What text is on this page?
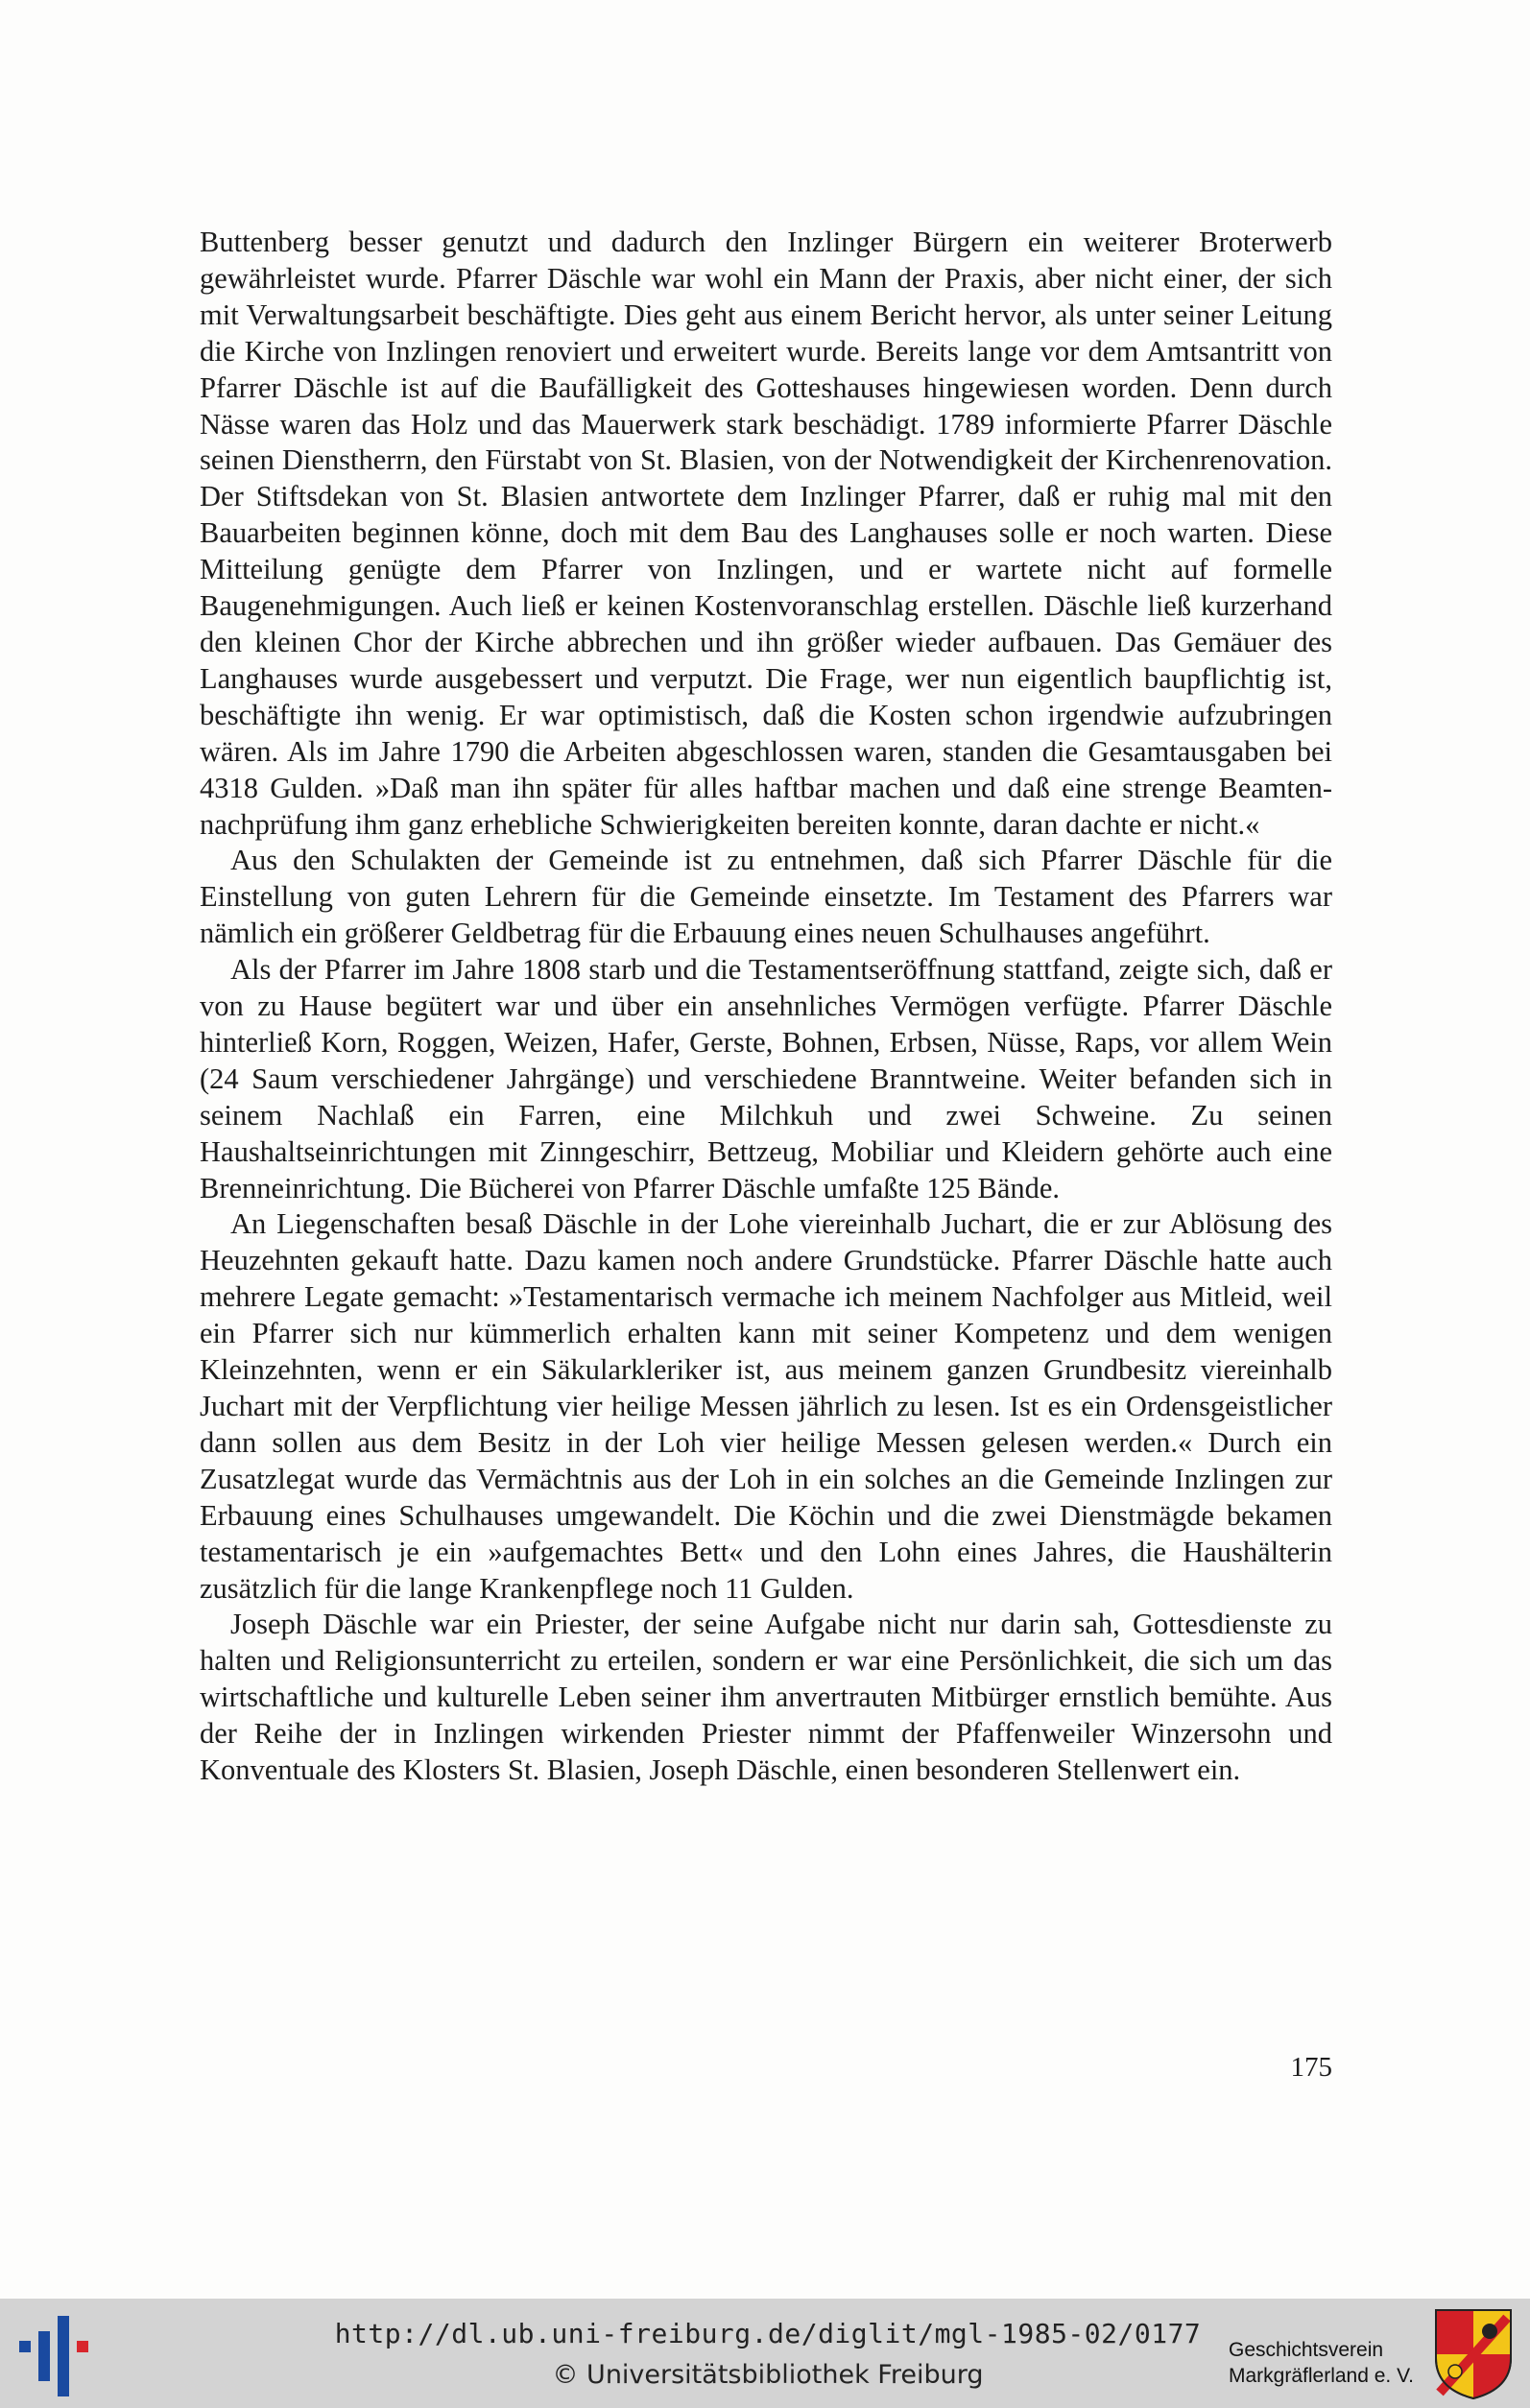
Buttenberg besser genutzt und dadurch den Inzlinger Bürgern ein weiterer Broterwerb gewährleistet wurde. Pfarrer Däschle war wohl ein Mann der Praxis, aber nicht einer, der sich mit Verwaltungsarbeit beschäftigte. Dies geht aus einem Bericht hervor, als unter seiner Leitung die Kirche von Inzlingen renoviert und erweitert wurde. Bereits lange vor dem Amtsantritt von Pfarrer Däschle ist auf die Baufälligkeit des Gotteshauses hingewiesen worden. Denn durch Nässe waren das Holz und das Mauerwerk stark beschädigt. 1789 informierte Pfarrer Däschle seinen Dienstherrn, den Fürstabt von St. Blasien, von der Notwendigkeit der Kirchenrenovation. Der Stiftsdekan von St. Blasien antwortete dem Inzlinger Pfarrer, daß er ruhig mal mit den Bauarbeiten beginnen könne, doch mit dem Bau des Langhauses solle er noch warten. Diese Mitteilung genügte dem Pfarrer von Inzlingen, und er wartete nicht auf formelle Baugenehmigungen. Auch ließ er keinen Kostenvoranschlag erstellen. Däschle ließ kurzerhand den kleinen Chor der Kirche abbrechen und ihn größer wieder aufbauen. Das Gemäuer des Langhauses wurde ausgebessert und verputzt. Die Frage, wer nun eigentlich baupflichtig ist, beschäftigte ihn wenig. Er war optimistisch, daß die Kosten schon irgendwie aufzubringen wären. Als im Jahre 1790 die Arbeiten abgeschlossen waren, standen die Gesamtausgaben bei 4318 Gulden. »Daß man ihn später für alles haftbar machen und daß eine strenge Beamtennachprüfung ihm ganz erhebliche Schwierigkeiten bereiten konnte, daran dachte er nicht.«

Aus den Schulakten der Gemeinde ist zu entnehmen, daß sich Pfarrer Däschle für die Einstellung von guten Lehrern für die Gemeinde einsetzte. Im Testament des Pfarrers war nämlich ein größerer Geldbetrag für die Erbauung eines neuen Schulhauses angeführt.

Als der Pfarrer im Jahre 1808 starb und die Testamentseröffnung stattfand, zeigte sich, daß er von zu Hause begütert war und über ein ansehnliches Vermögen verfügte. Pfarrer Däschle hinterließ Korn, Roggen, Weizen, Hafer, Gerste, Bohnen, Erbsen, Nüsse, Raps, vor allem Wein (24 Saum verschiedener Jahrgänge) und verschiedene Branntweine. Weiter befanden sich in seinem Nachlaß ein Farren, eine Milchkuh und zwei Schweine. Zu seinen Haushaltseinrichtungen mit Zinngeschirr, Bettzeug, Mobiliar und Kleidern gehörte auch eine Brenneinrichtung. Die Bücherei von Pfarrer Däschle umfaßte 125 Bände.

An Liegenschaften besaß Däschle in der Lohe viereinhalb Juchart, die er zur Ablösung des Heuzehnten gekauft hatte. Dazu kamen noch andere Grundstücke. Pfarrer Däschle hatte auch mehrere Legate gemacht: »Testamentarisch vermache ich meinem Nachfolger aus Mitleid, weil ein Pfarrer sich nur kümmerlich erhalten kann mit seiner Kompetenz und dem wenigen Kleinzehnten, wenn er ein Säkularkleriker ist, aus meinem ganzen Grundbesitz viereinhalb Juchart mit der Verpflichtung vier heilige Messen jährlich zu lesen. Ist es ein Ordensgeistlicher dann sollen aus dem Besitz in der Loh vier heilige Messen gelesen werden.« Durch ein Zusatzlegat wurde das Vermächtnis aus der Loh in ein solches an die Gemeinde Inzlingen zur Erbauung eines Schulhauses umgewandelt. Die Köchin und die zwei Dienstmägde bekamen testamentarisch je ein »aufgemachtes Bett« und den Lohn eines Jahres, die Haushälterin zusätzlich für die lange Krankenpflege noch 11 Gulden.

Joseph Däschle war ein Priester, der seine Aufgabe nicht nur darin sah, Gottesdienste zu halten und Religionsunterricht zu erteilen, sondern er war eine Persönlichkeit, die sich um das wirtschaftliche und kulturelle Leben seiner ihm anvertrauten Mitbürger ernstlich bemühte. Aus der Reihe der in Inzlingen wirkenden Priester nimmt der Pfaffenweiler Winzersohn und Konventuale des Klosters St. Blasien, Joseph Däschle, einen besonderen Stellenwert ein.

175
http://dl.ub.uni-freiburg.de/diglit/mgl-1985-02/0177
© Universitätsbibliothek Freiburg
Geschichtsverein
Markgräflerland e. V.
